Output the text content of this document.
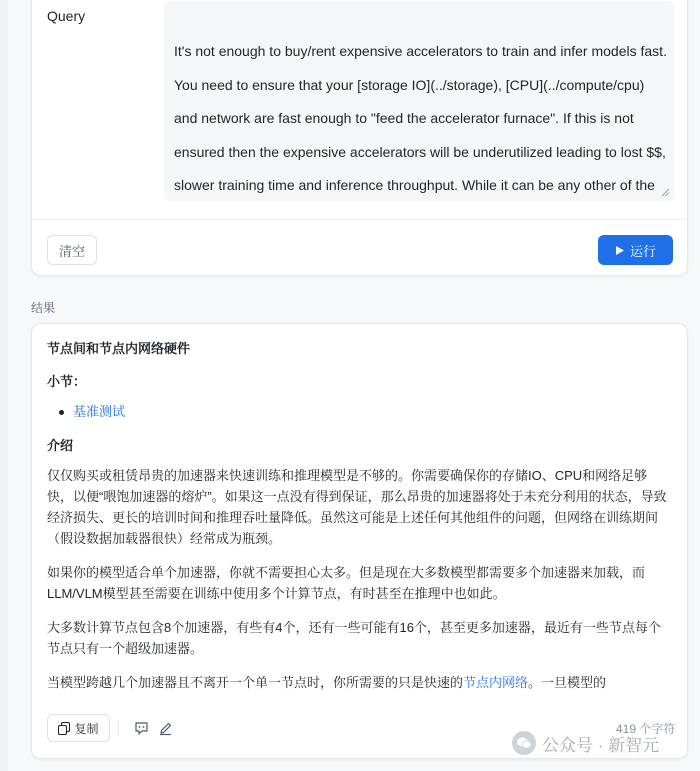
Query
It's not enough to buy/rent expensive accelerators to train and infer models fast.
You need to ensure that your [storage IO](../storage), [CPU](../compute/cpu)
and network are fast enough to "feed the accelerator furnace". If this is not
ensured then the expensive accelerators will be underutilized leading to lost $$,
slower training time and inference throughput. While it can be any other of the
清空	运行
结果
节点间和节点内网络硬件
小节：
基准测试
介绍

仅仅购买或租赁昂贵的加速器来快速训练和推理模型是不够的。你需要确保你的存储IO、CPU和网络足够快，以便“喂饱加速器的熔炉”。如果这一点没有得到保证，那么昂贵的加速器将处于未充分利用的状态，导致经济损失、更长的培训时间和推理吞吐量降低。虽然这可能是上述任何其他组件的问题，但网络在训练期间（假设数据加载器很快）经常成为瓶颈。

如果你的模型适合单个加速器，你就不需要担心太多。但是现在大多数模型都需要多个加速器来加载，而LLM/VLM模型甚至需要在训练中使用多个计算节点，有时甚至在推理中也如此。

大多数计算节点包含8个加速器，有些有4个，还有一些可能有16个，甚至更多加速器，最近有一些节点每个节点只有一个超级加速器。

当模型跨越几个加速器且不离开一个单一节点时，你所需要的只是快速的节点内网络。一旦模型的

复制	419 个字符
公众号 · 新智元
